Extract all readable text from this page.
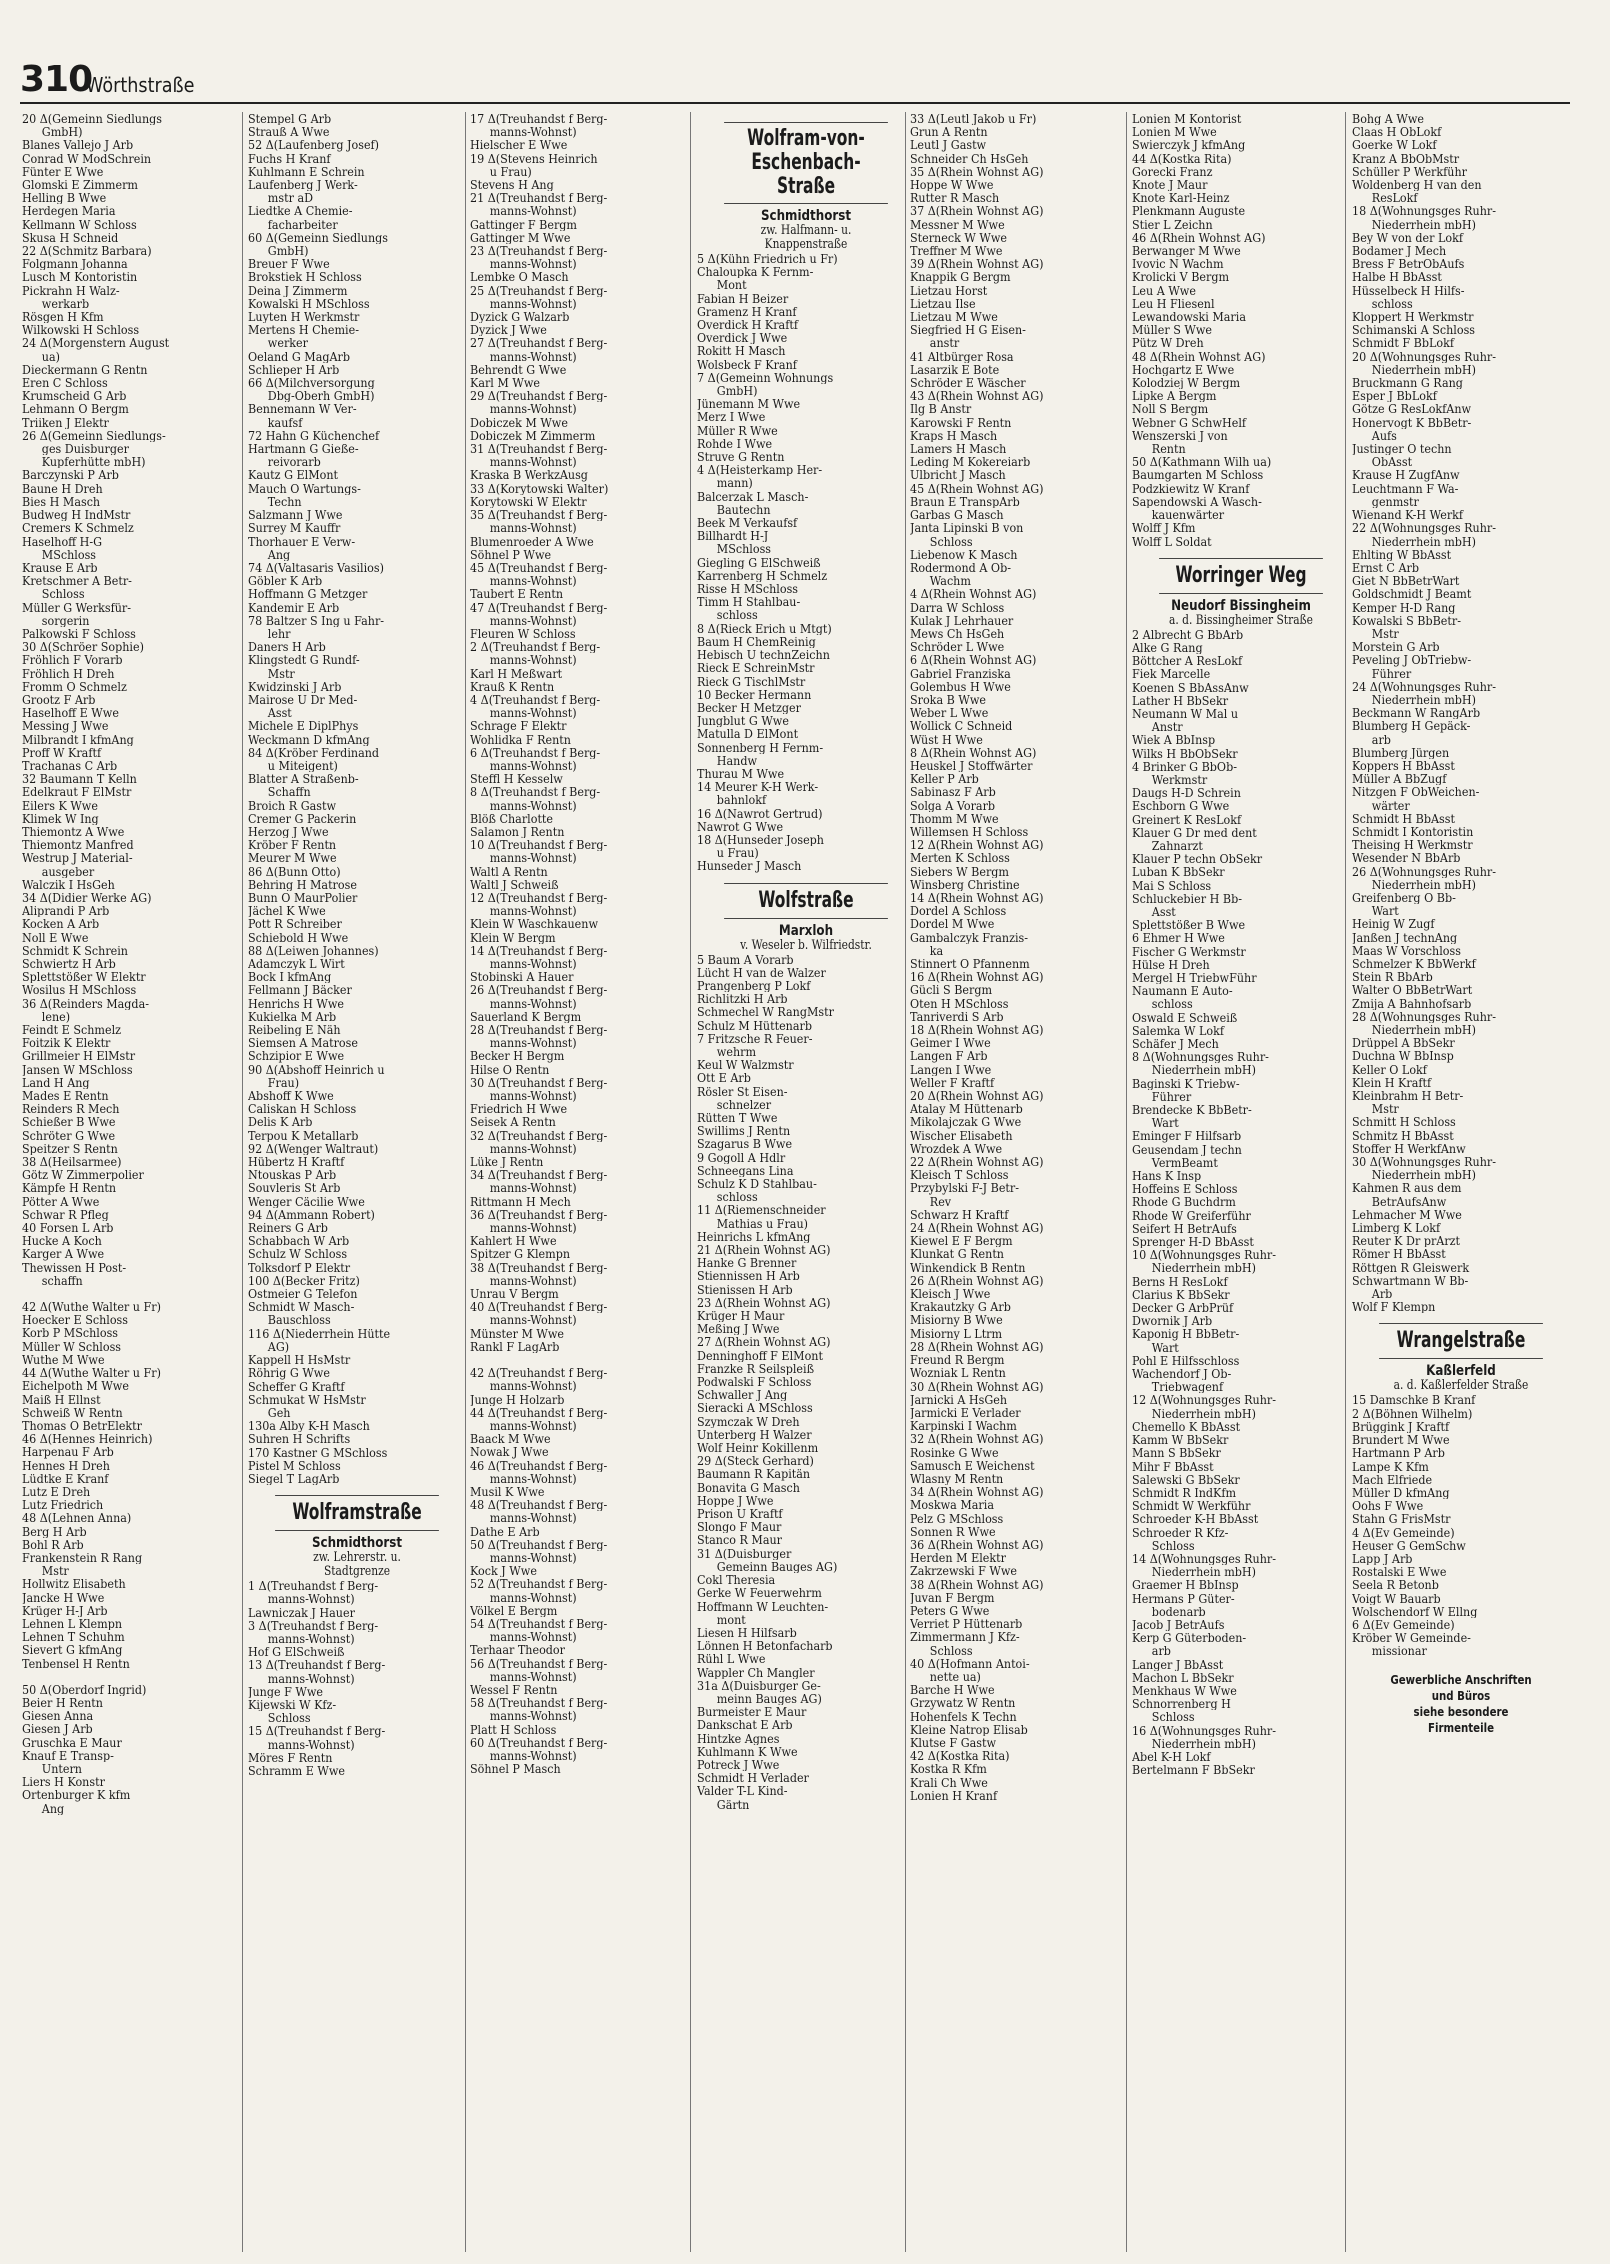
310
Wörthstraße
20 Δ(Gemeinn Siedlungs
GmbH)
Blanes Vallejo J Arb
Conrad W ModSchrein
Fünter E Wwe
Glomski E Zimmerm
Helling B Wwe
Herdegen Maria
Kellmann W Schloss
Skusa H Schneid
22 Δ(Schmitz Barbara)
Folgmann Johanna
Lusch M Kontoristin
Pickrahn H Walz-
werkarb
Rösgen H Kfm
Wilkowski H Schloss
24 Δ(Morgenstern August
ua)
Dieckermann G Rentn
Eren C Schloss
Krumscheid G Arb
Lehmann O Bergm
Triiken J Elektr
26 Δ(Gemeinn Siedlungs-
ges Duisburger
Kupferhütte mbH)
Barczynski P Arb
Baune H Dreh
Bies H Masch
Budweg H IndMstr
Cremers K Schmelz
Haselhoff H-G
MSchloss
Krause E Arb
Kretschmer A Betr-
Schloss
Müller G Werksfür-
sorgerin
Palkowski F Schloss
30 Δ(Schröer Sophie)
Fröhlich F Vorarb
Fröhlich H Dreh
Fromm O Schmelz
Grootz F Arb
Haselhoff E Wwe
Messing J Wwe
Milbrandt I kfmAng
Proff W Kraftf
Trachanas C Arb
32 Baumann T Kelln
Edelkraut F ElMstr
Eilers K Wwe
Klimek W Ing
Thiemontz A Wwe
Thiemontz Manfred
Westrup J Material-
ausgeber
Walczik I HsGeh
34 Δ(Didier Werke AG)
Aliprandi P Arb
Kocken A Arb
Noll E Wwe
Schmidt K Schrein
Schwiertz H Arb
Splettstößer W Elektr
Wosilus H MSchloss
36 Δ(Reinders Magda-
lene)
Feindt E Schmelz
Foitzik K Elektr
Grillmeier H ElMstr
Jansen W MSchloss
Land H Ang
Mades E Rentn
Reinders R Mech
Schießer B Wwe
Schröter G Wwe
Speitzer S Rentn
38 Δ(Heilsarmee)
Götz W Zimmerpolier
Kämpfe H Rentn
Pötter A Wwe
Schwar R Pfleg
40 Forsen L Arb
Hucke A Koch
Karger A Wwe
Thewissen H Post-
schaffn
42 Δ(Wuthe Walter u Fr)
Hoecker E Schloss
Korb P MSchloss
Müller W Schloss
Wuthe M Wwe
44 Δ(Wuthe Walter u Fr)
Eichelpoth M Wwe
Maiß H Ellnst
Schweiß W Rentn
Thomas O BetrElektr
46 Δ(Hennes Heinrich)
Harpenau F Arb
Hennes H Dreh
Lüdtke E Kranf
Lutz E Dreh
Lutz Friedrich
48 Δ(Lehnen Anna)
Berg H Arb
Bohl R Arb
Frankenstein R Rang
Mstr
Hollwitz Elisabeth
Jancke H Wwe
Krüger H-J Arb
Lehnen L Klempn
Lehnen T Schuhm
Sievert G kfmAng
Tenbensel H Rentn
50 Δ(Oberdorf Ingrid)
Beier H Rentn
Giesen Anna
Giesen J Arb
Gruschka E Maur
Knauf E Transp-
Untern
Liers H Konstr
Ortenburger K kfm
Ang
Stempel G Arb
Strauß A Wwe
52 Δ(Laufenberg Josef)
Fuchs H Kranf
Kuhlmann E Schrein
Laufenberg J Werk-
mstr aD
Liedtke A Chemie-
facharbeiter
60 Δ(Gemeinn Siedlungs
GmbH)
Breuer F Wwe
Brokstiek H Schloss
Deina J Zimmerm
Kowalski H MSchloss
Luyten H Werkmstr
Mertens H Chemie-
werker
Oeland G MagArb
Schlieper H Arb
66 Δ(Milchversorgung
Dbg-Oberh GmbH)
Bennemann W Ver-
kaufsf
72 Hahn G Küchenchef
Hartmann G Gieße-
reivorarb
Kautz G ElMont
Mauch O Wartungs-
Techn
Salzmann J Wwe
Surrey M Kauffr
Thorhauer E Verw-
Ang
74 Δ(Valtasaris Vasilios)
Göbler K Arb
Hoffmann G Metzger
Kandemir E Arb
78 Baltzer S Ing u Fahr-
lehr
Daners H Arb
Klingstedt G Rundf-
Mstr
Kwidzinski J Arb
Mairose U Dr Med-
Asst
Michele E DiplPhys
Weckmann D kfmAng
84 Δ(Kröber Ferdinand
u Miteigent)
Blatter A Straßenb-
Schaffn
Broich R Gastw
Cremer G Packerin
Herzog J Wwe
Kröber F Rentn
Meurer M Wwe
86 Δ(Bunn Otto)
Behring H Matrose
Bunn O MaurPolier
Jächel K Wwe
Pott R Schreiber
Schiebold H Wwe
88 Δ(Leiwen Johannes)
Adamczyk L Wirt
Bock I kfmAng
Fellmann J Bäcker
Henrichs H Wwe
Kukielka M Arb
Reibeling E Näh
Siemsen A Matrose
Schzipior E Wwe
90 Δ(Abshoff Heinrich u
Frau)
Abshoff K Wwe
Caliskan H Schloss
Delis K Arb
Terpou K Metallarb
92 Δ(Wenger Waltraut)
Hübertz H Kraftf
Ntouskas P Arb
Souvleris St Arb
Wenger Cäcilie Wwe
94 Δ(Ammann Robert)
Reiners G Arb
Schabbach W Arb
Schulz W Schloss
Tolksdorf P Elektr
100 Δ(Becker Fritz)
Ostmeier G Telefon
Schmidt W Masch-
Bauschloss
116 Δ(Niederrhein Hütte
AG)
Kappell H HsMstr
Röhrig G Wwe
Scheffer G Kraftf
Schmukat W HsMstr
Geh
130a Alby K-H Masch
Suhren H Schrifts
170 Kastner G MSchloss
Pistel M Schloss
Siegel T LagArb
Wolframstraße
Schmidthorst
zw. Lehrerstr. u.
Stadtgrenze
1 Δ(Treuhandst f Berg-
manns-Wohnst)
Lawniczak J Hauer
3 Δ(Treuhandst f Berg-
manns-Wohnst)
Hof G ElSchweiß
13 Δ(Treuhandst f Berg-
manns-Wohnst)
Junge F Wwe
Kijewski W Kfz-
Schloss
15 Δ(Treuhandst f Berg-
manns-Wohnst)
Möres F Rentn
Schramm E Wwe
17 Δ(Treuhandst f Berg-
manns-Wohnst)
Hielscher E Wwe
19 Δ(Stevens Heinrich
u Frau)
Stevens H Ang
21 Δ(Treuhandst f Berg-
manns-Wohnst)
Gattinger F Bergm
Gattinger M Wwe
23 Δ(Treuhandst f Berg-
manns-Wohnst)
Lembke O Masch
25 Δ(Treuhandst f Berg-
manns-Wohnst)
Dyzick G Walzarb
Dyzick J Wwe
27 Δ(Treuhandst f Berg-
manns-Wohnst)
Behrendt G Wwe
Karl M Wwe
29 Δ(Treuhandst f Berg-
manns-Wohnst)
Dobiczek M Wwe
Dobiczek M Zimmerm
31 Δ(Treuhandst f Berg-
manns-Wohnst)
Kraska B WerkzAusg
33 Δ(Korytowski Walter)
Korytowski W Elektr
35 Δ(Treuhandst f Berg-
manns-Wohnst)
Blumenroeder A Wwe
Söhnel P Wwe
45 Δ(Treuhandst f Berg-
manns-Wohnst)
Taubert E Rentn
47 Δ(Treuhandst f Berg-
manns-Wohnst)
Fleuren W Schloss
2 Δ(Treuhandst f Berg-
manns-Wohnst)
Karl H Meßwart
Krauß K Rentn
4 Δ(Treuhandst f Berg-
manns-Wohnst)
Schrage F Elektr
Wohlidka F Rentn
6 Δ(Treuhandst f Berg-
manns-Wohnst)
Steffl H Kesselw
8 Δ(Treuhandst f Berg-
manns-Wohnst)
Blöß Charlotte
Salamon J Rentn
10 Δ(Treuhandst f Berg-
manns-Wohnst)
Waltl A Rentn
Waltl J Schweiß
12 Δ(Treuhandst f Berg-
manns-Wohnst)
Klein W Waschkauenw
Klein W Bergm
14 Δ(Treuhandst f Berg-
manns-Wohnst)
Stobinski A Hauer
26 Δ(Treuhandst f Berg-
manns-Wohnst)
Sauerland K Bergm
28 Δ(Treuhandst f Berg-
manns-Wohnst)
Becker H Bergm
Hilse O Rentn
30 Δ(Treuhandst f Berg-
manns-Wohnst)
Friedrich H Wwe
Seisek A Rentn
32 Δ(Treuhandst f Berg-
manns-Wohnst)
Lüke J Rentn
34 Δ(Treuhandst f Berg-
manns-Wohnst)
Rittmann H Mech
36 Δ(Treuhandst f Berg-
manns-Wohnst)
Kahlert H Wwe
Spitzer G Klempn
38 Δ(Treuhandst f Berg-
manns-Wohnst)
Unrau V Bergm
40 Δ(Treuhandst f Berg-
manns-Wohnst)
Münster M Wwe
Rankl F LagArb
42 Δ(Treuhandst f Berg-
manns-Wohnst)
Junge H Holzarb
44 Δ(Treuhandst f Berg-
manns-Wohnst)
Baack M Wwe
Nowak J Wwe
46 Δ(Treuhandst f Berg-
manns-Wohnst)
Musil K Wwe
48 Δ(Treuhandst f Berg-
manns-Wohnst)
Dathe E Arb
50 Δ(Treuhandst f Berg-
manns-Wohnst)
Kock J Wwe
52 Δ(Treuhandst f Berg-
manns-Wohnst)
Völkel E Bergm
54 Δ(Treuhandst f Berg-
manns-Wohnst)
Terhaar Theodor
56 Δ(Treuhandst f Berg-
manns-Wohnst)
Wessel F Rentn
58 Δ(Treuhandst f Berg-
manns-Wohnst)
Platt H Schloss
60 Δ(Treuhandst f Berg-
manns-Wohnst)
Söhnel P Masch
Wolfram-von-
Eschenbach-Straße
Schmidthorst
zw. Halfmann- u.
Knappenstraße
5 Δ(Kühn Friedrich u Fr)
Chaloupka K Fernm-
Mont
Fabian H Beizer
Gramenz H Kranf
Overdick H Kraftf
Overdick J Wwe
Rokitt H Masch
Wolsbeck F Kranf
7 Δ(Gemeinn Wohnungs
GmbH)
Jünemann M Wwe
Merz I Wwe
Müller R Wwe
Rohde I Wwe
Struve G Rentn
4 Δ(Heisterkamp Her-
mann)
Balcerzak L Masch-
Bautechn
Beek M Verkaufsf
Billhardt H-J
MSchloss
Giegling G ElSchweiß
Karrenberg H Schmelz
Risse H MSchloss
Timm H Stahlbau-
schloss
8 Δ(Rieck Erich u Mtgt)
Baum H ChemReinig
Hebisch U technZeichn
Rieck E SchreinMstr
Rieck G TischlMstr
10 Becker Hermann
Becker H Metzger
Jungblut G Wwe
Matulla D ElMont
Sonnenberg H Fernm-
Handw
Thurau M Wwe
14 Meurer K-H Werk-
bahnlokf
16 Δ(Nawrot Gertrud)
Nawrot G Wwe
18 Δ(Hunseder Joseph
u Frau)
Hunseder J Masch
Wolfstraße
Marxloh
v. Weseler b. Wilfriedstr.
5 Baum A Vorarb
Lücht H van de Walzer
Prangenberg P Lokf
Richlitzki H Arb
Schmechel W RangMstr
Schulz M Hüttenarb
7 Fritzsche R Feuer-
wehrm
Keul W Walzmstr
Ott E Arb
Rösler St Eisen-
schnelzer
Rütten T Wwe
Swillims J Rentn
Szagarus B Wwe
9 Gogoll A Hdlr
Schneegans Lina
Schulz K D Stahlbau-
schloss
11 Δ(Riemenschneider
Mathias u Frau)
Heinrichs L kfmAng
21 Δ(Rhein Wohnst AG)
Hanke G Brenner
Stiennissen H Arb
Stienissen H Arb
23 Δ(Rhein Wohnst AG)
Krüger H Maur
Meßing J Wwe
27 Δ(Rhein Wohnst AG)
Denninghoff F ElMont
Franzke R Seilspleiß
Podwalski F Schloss
Schwaller J Ang
Sieracki A MSchloss
Szymczak W Dreh
Unterberg H Walzer
Wolf Heinr Kokillenm
29 Δ(Steck Gerhard)
Baumann R Kapitän
Bonavita G Masch
Hoppe J Wwe
Prison U Kraftf
Slongo F Maur
Stanco R Maur
31 Δ(Duisburger
Gemeinn Bauges AG)
Cokl Theresia
Gerke W Feuerwehrm
Hoffmann W Leuchten-
mont
Liesen H Hilfsarb
Lönnen H Betonfacharb
Rühl L Wwe
Wappler Ch Mangler
31a Δ(Duisburger Ge-
meinn Bauges AG)
Burmeister E Maur
Dankschat E Arb
Hintzke Agnes
Kuhlmann K Wwe
Potreck J Wwe
Schmidt H Verlader
Valder T-L Kind-
Gärtn
33 Δ(Leutl Jakob u Fr)
Grun A Rentn
Leutl J Gastw
Schneider Ch HsGeh
35 Δ(Rhein Wohnst AG)
Hoppe W Wwe
Rutter R Masch
37 Δ(Rhein Wohnst AG)
Messner M Wwe
Sterneck W Wwe
Treffner M Wwe
39 Δ(Rhein Wohnst AG)
Knappik G Bergm
Lietzau Horst
Lietzau Ilse
Lietzau M Wwe
Siegfried H G Eisen-
anstr
41 Altbürger Rosa
Lasarzik E Bote
Schröder E Wäscher
43 Δ(Rhein Wohnst AG)
Ilg B Anstr
Karowski F Rentn
Kraps H Masch
Lamers H Masch
Leding M Kokereiarb
Ulbricht J Masch
45 Δ(Rhein Wohnst AG)
Braun E TranspArb
Garbas G Masch
Janta Lipinski B von
Schloss
Liebenow K Masch
Rodermond A Ob-
Wachm
4 Δ(Rhein Wohnst AG)
Darra W Schloss
Kulak J Lehrhauer
Mews Ch HsGeh
Schröder L Wwe
6 Δ(Rhein Wohnst AG)
Gabriel Franziska
Golembus H Wwe
Sroka B Wwe
Weber L Wwe
Wollick C Schneid
Wüst H Wwe
8 Δ(Rhein Wohnst AG)
Heuskel J Stoffwärter
Keller P Arb
Sabinasz F Arb
Solga A Vorarb
Thomm M Wwe
Willemsen H Schloss
12 Δ(Rhein Wohnst AG)
Merten K Schloss
Siebers W Bergm
Winsberg Christine
14 Δ(Rhein Wohnst AG)
Dordel A Schloss
Dordel M Wwe
Gambalczyk Franzis-
ka
Stinnert O Pfannenm
16 Δ(Rhein Wohnst AG)
Gücli S Bergm
Oten H MSchloss
Tanriverdi S Arb
18 Δ(Rhein Wohnst AG)
Geimer I Wwe
Langen F Arb
Langen I Wwe
Weller F Kraftf
20 Δ(Rhein Wohnst AG)
Atalay M Hüttenarb
Mikolajczak G Wwe
Wischer Elisabeth
Wrozdek A Wwe
22 Δ(Rhein Wohnst AG)
Kleisch T Schloss
Przybylski F-J Betr-
Rev
Schwarz H Kraftf
24 Δ(Rhein Wohnst AG)
Kiewel E F Bergm
Klunkat G Rentn
Winkendick B Rentn
26 Δ(Rhein Wohnst AG)
Kleisch J Wwe
Krakautzky G Arb
Misiorny B Wwe
Misiorny L Ltrm
28 Δ(Rhein Wohnst AG)
Freund R Bergm
Wozniak L Rentn
30 Δ(Rhein Wohnst AG)
Jarnicki A HsGeh
Jarmicki E Verlader
Karpinski I Wachm
32 Δ(Rhein Wohnst AG)
Rosinke G Wwe
Samusch E Weichenst
Wlasny M Rentn
34 Δ(Rhein Wohnst AG)
Moskwa Maria
Pelz G MSchloss
Sonnen R Wwe
36 Δ(Rhein Wohnst AG)
Herden M Elektr
Zakrzewski F Wwe
38 Δ(Rhein Wohnst AG)
Juvan F Bergm
Peters G Wwe
Verriet P Hüttenarb
Zimmermann J Kfz-
Schloss
40 Δ(Hofmann Antoi-
nette ua)
Barche H Wwe
Grzywatz W Rentn
Hohenfels K Techn
Kleine Natrop Elisab
Klutse F Gastw
42 Δ(Kostka Rita)
Kostka R Kfm
Krali Ch Wwe
Lonien H Kranf
Lonien M Kontorist
Lonien M Wwe
Swierczyk J kfmAng
44 Δ(Kostka Rita)
Gorecki Franz
Knote J Maur
Knote Karl-Heinz
Plenkmann Auguste
Stier L Zeichn
46 Δ(Rhein Wohnst AG)
Berwanger M Wwe
Ivovic N Wachm
Krolicki V Bergm
Leu A Wwe
Leu H Fliesenl
Lewandowski Maria
Müller S Wwe
Pütz W Dreh
48 Δ(Rhein Wohnst AG)
Hochgartz E Wwe
Kolodziej W Bergm
Lipke A Bergm
Noll S Bergm
Webner G SchwHelf
Wenszerski J von
Rentn
50 Δ(Kathmann Wilh ua)
Baumgarten M Schloss
Podzkiewitz W Kranf
Sapendowski A Wasch-
kauenwärter
Wolff J Kfm
Wolff L Soldat
Worringer Weg
Neudorf Bissingheim
a. d. Bissingheimer Straße
2 Albrecht G BbArb
Alke G Rang
Böttcher A ResLokf
Fiek Marcelle
Koenen S BbAssAnw
Lather H BbSekr
Neumann W Mal u
Anstr
Wiek A BbInsp
Wilks H BbObSekr
4 Brinker G BbOb-
Werkmstr
Daugs H-D Schrein
Eschborn G Wwe
Greinert K ResLokf
Klauer G Dr med dent
Zahnarzt
Klauer P techn ObSekr
Luban K BbSekr
Mai S Schloss
Schluckebier H Bb-
Asst
Splettstößer B Wwe
6 Ehmer H Wwe
Fischer G Werkmstr
Hülse H Dreh
Mergel H TriebwFühr
Naumann E Auto-
schloss
Oswald E Schweiß
Salemka W Lokf
Schäfer J Mech
8 Δ(Wohnungsges Ruhr-
Niederrhein mbH)
Baginski K Triebw-
Führer
Brendecke K BbBetr-
Wart
Eminger F Hilfsarb
Geusendam J techn
VermBeamt
Hans K Insp
Hoffeins E Schloss
Rhode G Buchdrm
Rhode W Greiferführ
Seifert H BetrAufs
Sprenger H-D BbAsst
10 Δ(Wohnungsges Ruhr-
Niederrhein mbH)
Berns H ResLokf
Clarius K BbSekr
Decker G ArbPrüf
Dwornik J Arb
Kaponig H BbBetr-
Wart
Pohl E Hilfsschloss
Wachendorf J Ob-
Triebwagenf
12 Δ(Wohnungsges Ruhr-
Niederrhein mbH)
Chemello K BbAsst
Kamm W BbSekr
Mann S BbSekr
Mihr F BbAsst
Salewski G BbSekr
Schmidt R IndKfm
Schmidt W Werkführ
Schroeder K-H BbAsst
Schroeder R Kfz-
Schloss
14 Δ(Wohnungsges Ruhr-
Niederrhein mbH)
Graemer H BbInsp
Hermans P Güter-
bodenarb
Jacob J BetrAufs
Kerp G Güterboden-
arb
Langer J BbAsst
Machon L BbSekr
Menkhaus W Wwe
Schnorrenberg H
Schloss
16 Δ(Wohnungsges Ruhr-
Niederrhein mbH)
Abel K-H Lokf
Bertelmann F BbSekr
Bohg A Wwe
Claas H ObLokf
Goerke W Lokf
Kranz A BbObMstr
Schüller P Werkführ
Woldenberg H van den
ResLokf
18 Δ(Wohnungsges Ruhr-
Niederrhein mbH)
Bey W von der Lokf
Bodamer J Mech
Bress F BetrObAufs
Halbe H BbAsst
Hüsselbeck H Hilfs-
schloss
Kloppert H Werkmstr
Schimanski A Schloss
Schmidt F BbLokf
20 Δ(Wohnungsges Ruhr-
Niederrhein mbH)
Bruckmann G Rang
Esper J BbLokf
Götze G ResLokfAnw
Honervogt K BbBetr-
Aufs
Justinger O techn
ObAsst
Krause H ZugfAnw
Leuchtmann F Wa-
genmstr
Wienand K-H Werkf
22 Δ(Wohnungsges Ruhr-
Niederrhein mbH)
Ehlting W BbAsst
Ernst C Arb
Giet N BbBetrWart
Goldschmidt J Beamt
Kemper H-D Rang
Kowalski S BbBetr-
Mstr
Morstein G Arb
Peveling J ObTriebw-
Führer
24 Δ(Wohnungsges Ruhr-
Niederrhein mbH)
Beckmann W RangArb
Blumberg H Gepäck-
arb
Blumberg Jürgen
Koppers H BbAsst
Müller A BbZugf
Nitzgen F ObWeichen-
wärter
Schmidt H BbAsst
Schmidt I Kontoristin
Theising H Werkmstr
Wesender N BbArb
26 Δ(Wohnungsges Ruhr-
Niederrhein mbH)
Greifenberg O Bb-
Wart
Heinig W Zugf
Janßen J technAng
Maas W Vorschloss
Schmelzer K BbWerkf
Stein R BbArb
Walter O BbBetrWart
Zmija A Bahnhofsarb
28 Δ(Wohnungsges Ruhr-
Niederrhein mbH)
Drüppel A BbSekr
Duchna W BbInsp
Keller O Lokf
Klein H Kraftf
Kleinbrahm H Betr-
Mstr
Schmitt H Schloss
Schmitz H BbAsst
Stoffer H WerkfAnw
30 Δ(Wohnungsges Ruhr-
Niederrhein mbH)
Kahmen R aus dem
BetrAufsAnw
Lehmacher M Wwe
Limberg K Lokf
Reuter K Dr prArzt
Römer H BbAsst
Röttgen R Gleiswerk
Schwartmann W Bb-
Arb
Wolf F Klempn
Wrangelstraße
Kaßlerfeld
a. d. Kaßlerfelder Straße
15 Damschke B Kranf
2 Δ(Böhnen Wilhelm)
Brüggink J Kraftf
Brundert M Wwe
Hartmann P Arb
Lampe K Kfm
Mach Elfriede
Müller D kfmAng
Oohs F Wwe
Stahn G FrisMstr
4 Δ(Ev Gemeinde)
Heuser G GemSchw
Lapp J Arb
Rostalski E Wwe
Seela R Betonb
Voigt W Bauarb
Wolschendorf W Ellng
6 Δ(Ev Gemeinde)
Kröber W Gemeinde-
missionar
Gewerbliche Anschriften
und Büros
siehe besondere
Firmenteile
